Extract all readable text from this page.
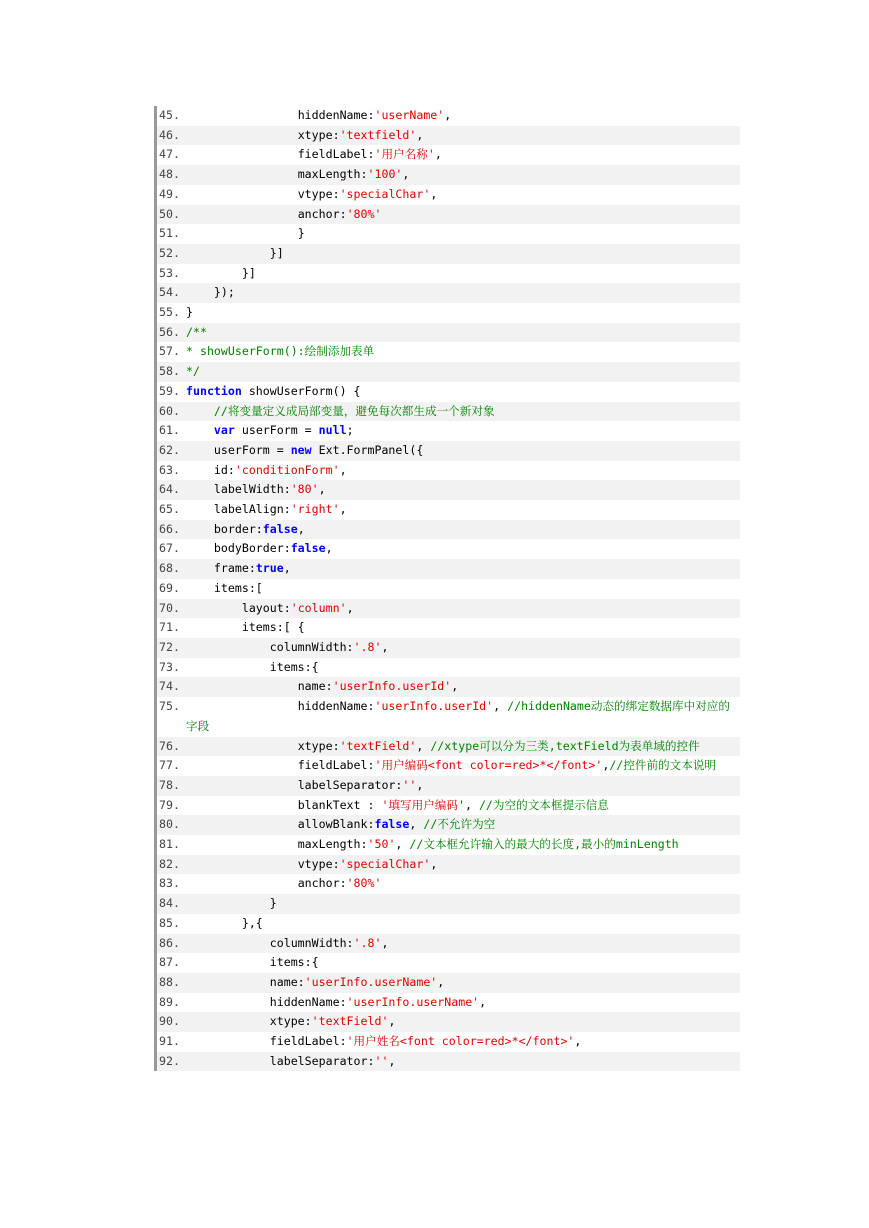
45. hiddenName:'userName',
46. xtype:'textfield',
47. fieldLabel:'用户名称',
48. maxLength:'100',
49. vtype:'specialChar',
50. anchor:'80%'
51. }
52. }]
53. }]
54. });
55. }
56. /**
57. * showUserForm():绘制添加表单
58. */
59. function showUserForm() {
60.	//将变量定义成局部变量，避免每次都生成一个新对象
61.	var userForm = null;
62. userForm = new Ext.FormPanel({
63. id:'conditionForm',
64. labelWidth:'80',
65. labelAlign:'right',
66. border:false,
67. bodyBorder:false,
68. frame:true,
69. items:[
70. layout:'column',
71. items:[ {
72. columnWidth:'.8',
73. items:{
74. name:'userInfo.userId',
75. hiddenName:'userInfo.userId', //hiddenName动态的绑定数据库中对应的字段
76. xtype:'textField', //xtype可以分为三类,textField为表单域的控件
77. fieldLabel:'用户编码<font color=red>*</font>',//控件前的文本说明
78. labelSeparator:'',
79. blankText : '填写用户编码', //为空的文本框提示信息
80. allowBlank:false, //不允许为空
81. maxLength:'50', //文本框允许输入的最大的长度,最小的minLength
82. vtype:'specialChar',
83. anchor:'80%'
84. }
85. },{
86. columnWidth:'.8',
87. items:{
88. name:'userInfo.userName',
89. hiddenName:'userInfo.userName',
90. xtype:'textField',
91. fieldLabel:'用户姓名<font color=red>*</font>',
92. labelSeparator:'',
